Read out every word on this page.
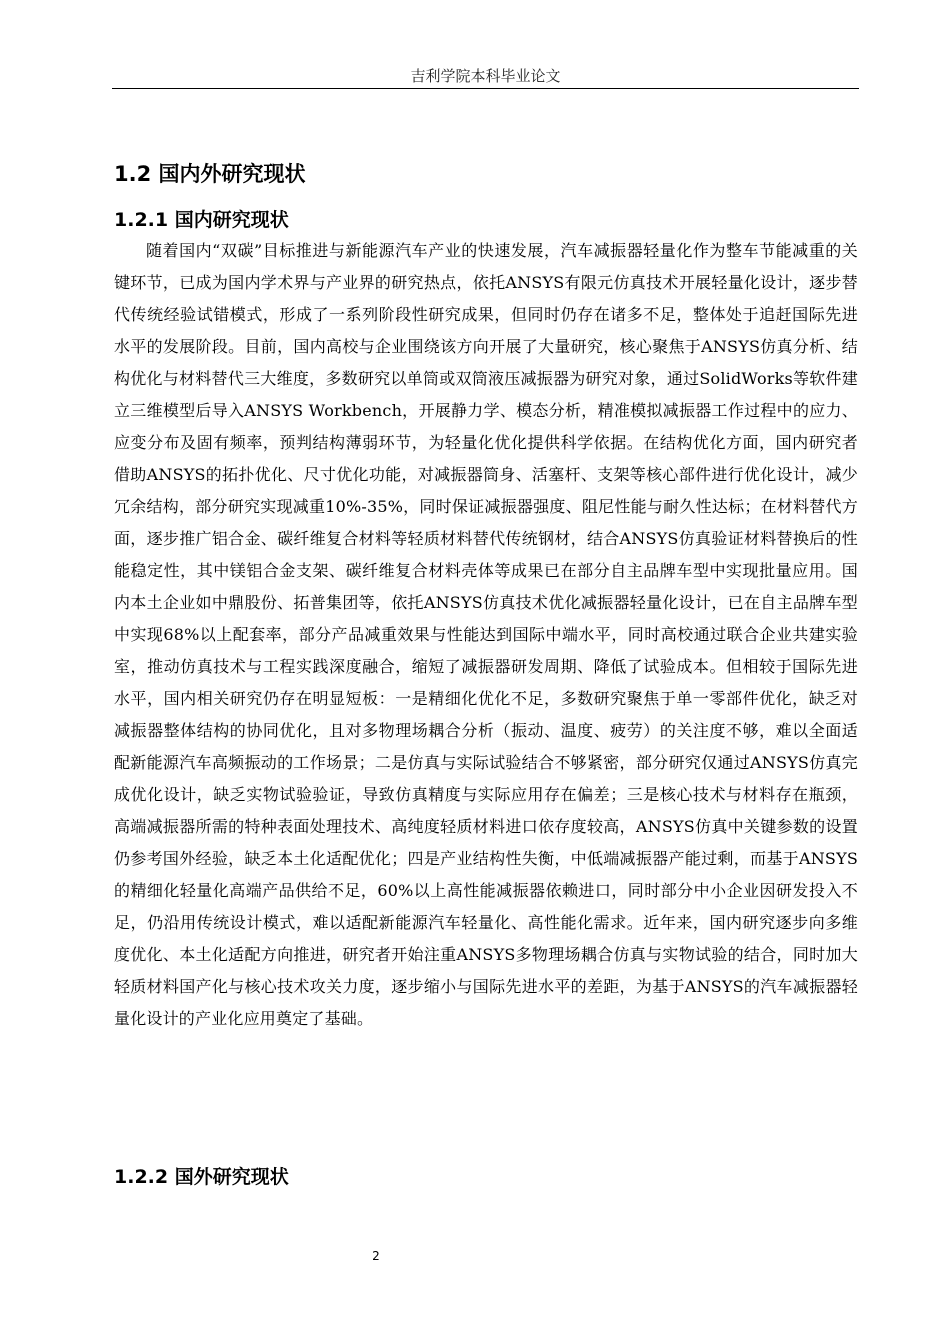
吉利学院本科毕业论文
1.2 国内外研究现状
1.2.1 国内研究现状

随着国内“双碳”目标推进与新能源汽车产业的快速发展，汽车减振器轻量化作为整车节能减重的关键环节，已成为国内学术界与产业界的研究热点，依托ANSYS有限元仿真技术开展轻量化设计，逐步替代传统经验试错模式，形成了一系列阶段性研究成果，但同时仍存在诸多不足，整体处于追赶国际先进水平的发展阶段。目前，国内高校与企业围绕该方向开展了大量研究，核心聚焦于ANSYS仿真分析、结构优化与材料替代三大维度，多数研究以单筒或双筒液压减振器为研究对象，通过SolidWorks等软件建立三维模型后导入ANSYS Workbench，开展静力学、模态分析，精准模拟减振器工作过程中的应力、应变分布及固有频率，预判结构薄弱环节，为轻量化优化提供科学依据。在结构优化方面，国内研究者借助ANSYS的拓扑优化、尺寸优化功能，对减振器筒身、活塞杆、支架等核心部件进行优化设计，减少冗余结构，部分研究实现减重10%-35%，同时保证减振器强度、阻尼性能与耐久性达标；在材料替代方面，逐步推广铝合金、碳纤维复合材料等轻质材料替代传统钢材，结合ANSYS仿真验证材料替换后的性能稳定性，其中镁铝合金支架、碳纤维复合材料壳体等成果已在部分自主品牌车型中实现批量应用。国内本土企业如中鼎股份、拓普集团等，依托ANSYS仿真技术优化减振器轻量化设计，已在自主品牌车型中实现68%以上配套率，部分产品减重效果与性能达到国际中端水平，同时高校通过联合企业共建实验室，推动仿真技术与工程实践深度融合，缩短了减振器研发周期、降低了试验成本。但相较于国际先进水平，国内相关研究仍存在明显短板：一是精细化优化不足，多数研究聚焦于单一零部件优化，缺乏对减振器整体结构的协同优化，且对多物理场耦合分析（振动、温度、疲劳）的关注度不够，难以全面适配新能源汽车高频振动的工作场景；二是仿真与实际试验结合不够紧密，部分研究仅通过ANSYS仿真完成优化设计，缺乏实物试验验证，导致仿真精度与实际应用存在偏差；三是核心技术与材料存在瓶颈，高端减振器所需的特种表面处理技术、高纯度轻质材料进口依存度较高，ANSYS仿真中关键参数的设置仍参考国外经验，缺乏本土化适配优化；四是产业结构性失衡，中低端减振器产能过剩，而基于ANSYS的精细化轻量化高端产品供给不足，60%以上高性能减振器依赖进口，同时部分中小企业因研发投入不足，仍沿用传统设计模式，难以适配新能源汽车轻量化、高性能化需求。近年来，国内研究逐步向多维度优化、本土化适配方向推进，研究者开始注重ANSYS多物理场耦合仿真与实物试验的结合，同时加大轻质材料国产化与核心技术攻关力度，逐步缩小与国际先进水平的差距，为基于ANSYS的汽车减振器轻量化设计的产业化应用奠定了基础。

1.2.2 国外研究现状
2
